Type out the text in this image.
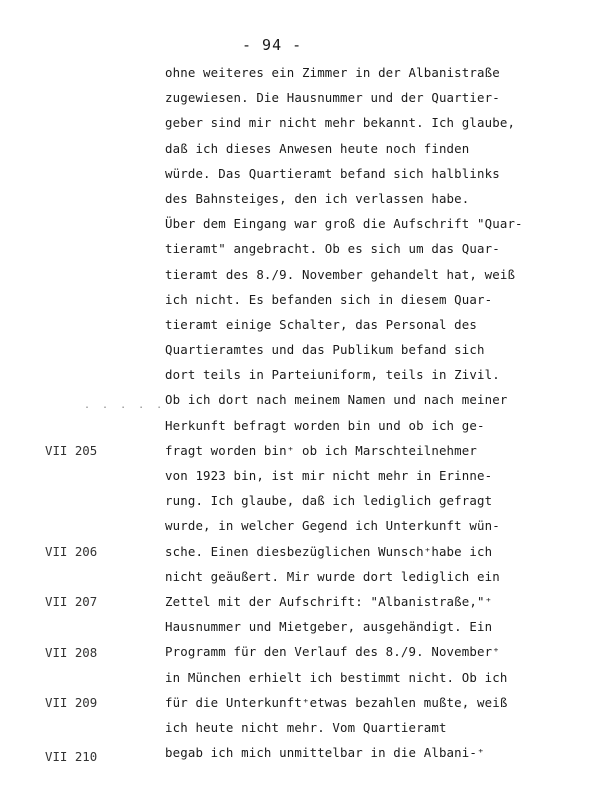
- 94 -
. . . . .
VII 205
VII 206
VII 207
VII 208
VII 209
VII 210
ohne weiteres ein Zimmer in der Albanistraße
zugewiesen. Die Hausnummer und der Quartier-
geber sind mir nicht mehr bekannt. Ich glaube,
daß ich dieses Anwesen heute noch finden
würde. Das Quartieramt befand sich halblinks
des Bahnsteiges, den ich verlassen habe.
Über dem Eingang war groß die Aufschrift "Quar-
tieramt" angebracht. Ob es sich um das Quar-
tieramt des 8./9. November gehandelt hat, weiß
ich nicht. Es befanden sich in diesem Quar-
tieramt einige Schalter, das Personal des
Quartieramtes und das Publikum befand sich
dort teils in Parteiuniform, teils in Zivil.
Ob ich dort nach meinem Namen und nach meiner
Herkunft befragt worden bin und ob ich ge-
fragt worden bin⁺ ob ich Marschteilnehmer
von 1923 bin, ist mir nicht mehr in Erinne-
rung. Ich glaube, daß ich lediglich gefragt
wurde, in welcher Gegend ich Unterkunft wün-
sche. Einen diesbezüglichen Wunsch⁺habe ich
nicht geäußert. Mir wurde dort lediglich ein
Zettel mit der Aufschrift: "Albanistraße,"⁺
Hausnummer und Mietgeber, ausgehändigt. Ein
Programm für den Verlauf des 8./9. November⁺
in München erhielt ich bestimmt nicht. Ob ich
für die Unterkunft⁺etwas bezahlen mußte, weiß
ich heute nicht mehr. Vom Quartieramt
begab ich mich unmittelbar in die Albani-⁺
